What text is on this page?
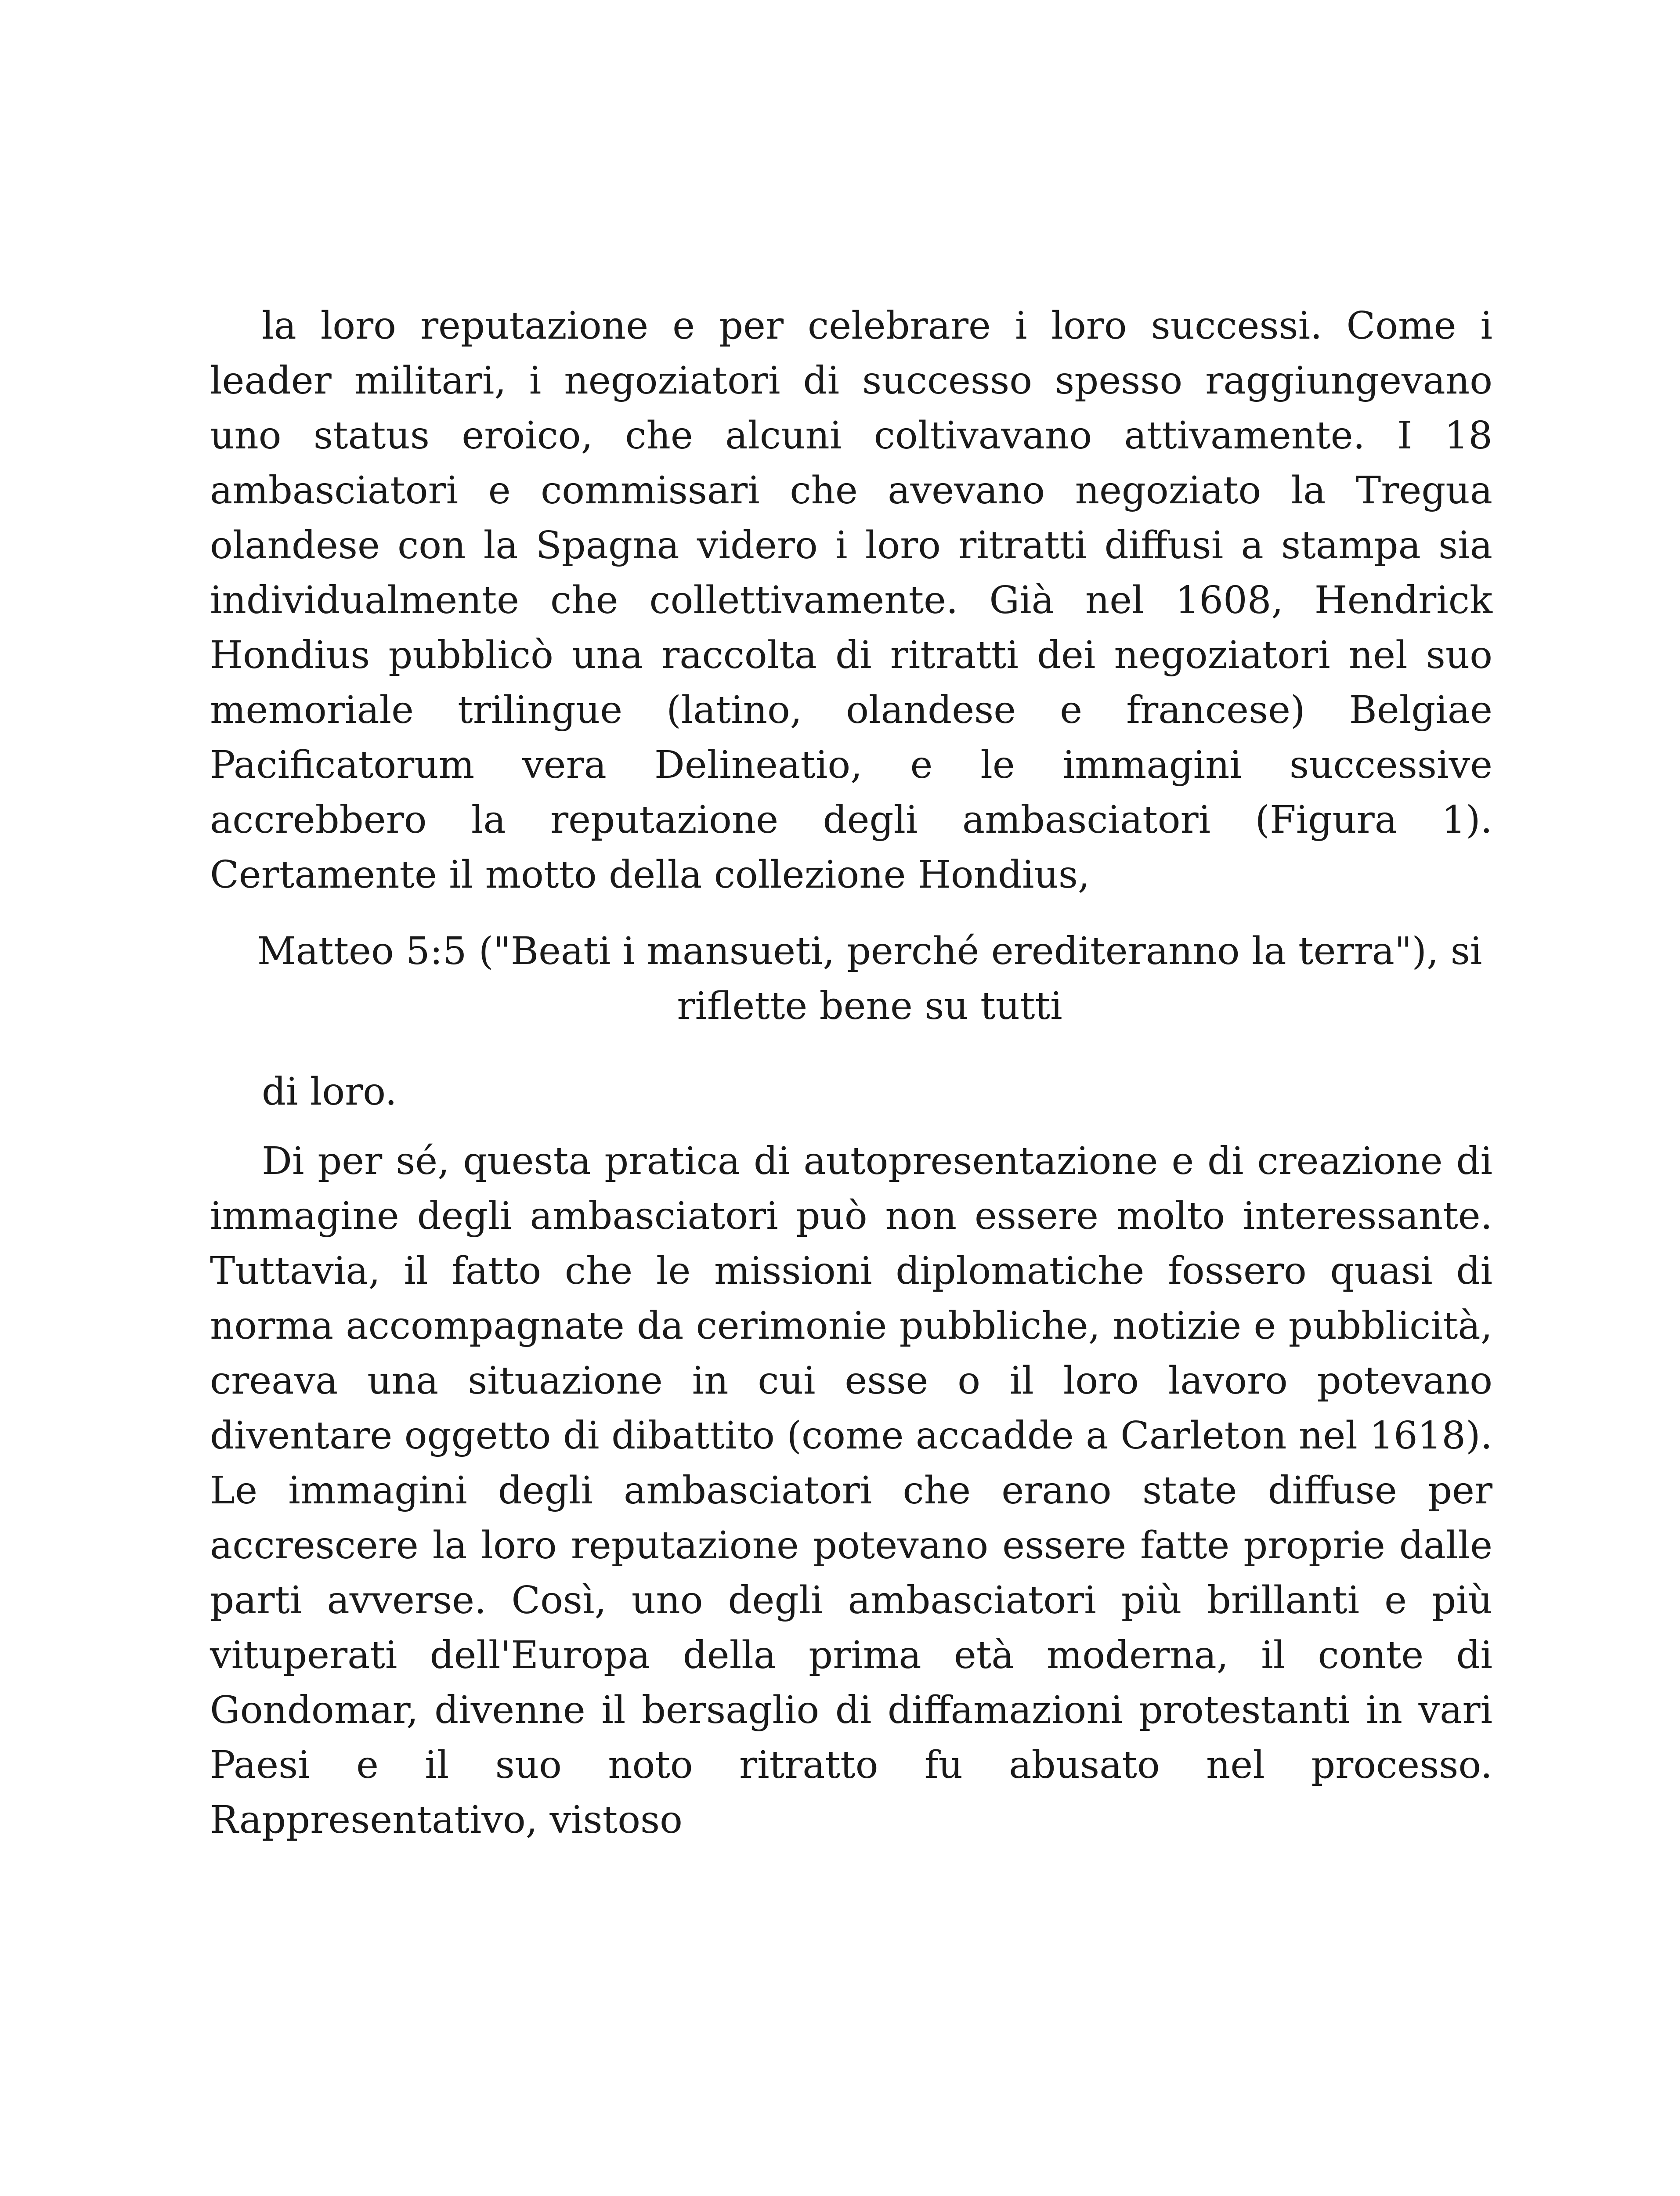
la loro reputazione e per celebrare i loro successi. Come i leader militari, i negoziatori di successo spesso raggiungevano uno status eroico, che alcuni coltivavano attivamente. I 18 ambasciatori e commissari che avevano negoziato la Tregua olandese con la Spagna videro i loro ritratti diffusi a stampa sia individualmente che collettivamente. Già nel 1608, Hendrick Hondius pubblicò una raccolta di ritratti dei negoziatori nel suo memoriale trilingue (latino, olandese e francese) Belgiae Pacificatorum vera Delineatio, e le immagini successive accrebbero la reputazione degli ambasciatori (Figura 1). Certamente il motto della collezione Hondius,

Matteo 5:5 ("Beati i mansueti, perché erediteranno la terra"), si riflette bene su tutti

di loro.

Di per sé, questa pratica di autopresentazione e di creazione di immagine degli ambasciatori può non essere molto interessante. Tuttavia, il fatto che le missioni diplomatiche fossero quasi di norma accompagnate da cerimonie pubbliche, notizie e pubblicità, creava una situazione in cui esse o il loro lavoro potevano diventare oggetto di dibattito (come accadde a Carleton nel 1618). Le immagini degli ambasciatori che erano state diffuse per accrescere la loro reputazione potevano essere fatte proprie dalle parti avverse. Così, uno degli ambasciatori più brillanti e più vituperati dell'Europa della prima età moderna, il conte di Gondomar, divenne il bersaglio di diffamazioni protestanti in vari Paesi e il suo noto ritratto fu abusato nel processo. Rappresentativo, vistoso
